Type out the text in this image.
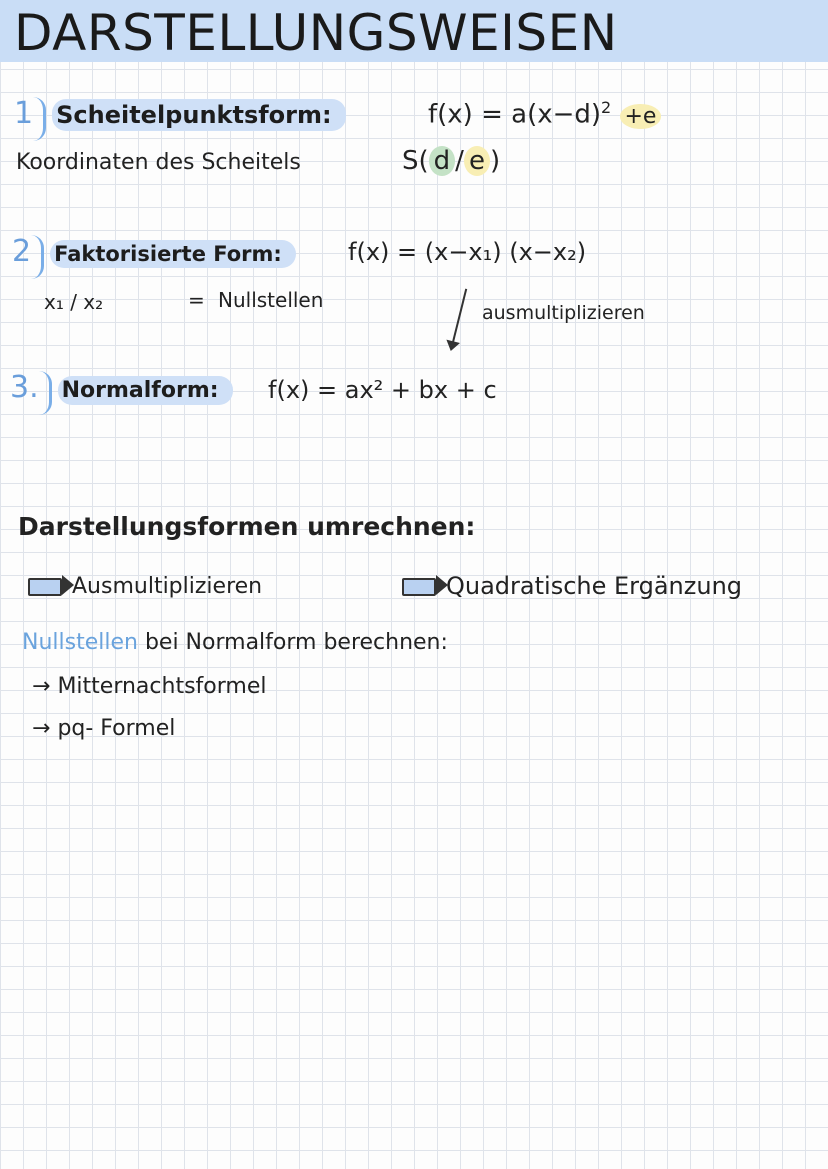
DARSTELLUNGSWEISEN
1 Scheitelpunktsform:	$f(x) = a(x-d)^2 +e$
Koordinaten des Scheitels	S( d / e )
2 Faktorisierte Form:	f(x) = (x−x₁) (x−x₂)
x₁ / x₂	= Nullstellen
ausmultiplizieren
3. Normalform:	f(x) = ax² + bx + c
Darstellungsformen umrechnen:
Ausmultiplizieren	Quadratische Ergänzung
Nullstellen bei Normalform berechnen:
→ Mitternachtsformel
→ pq- Formel
